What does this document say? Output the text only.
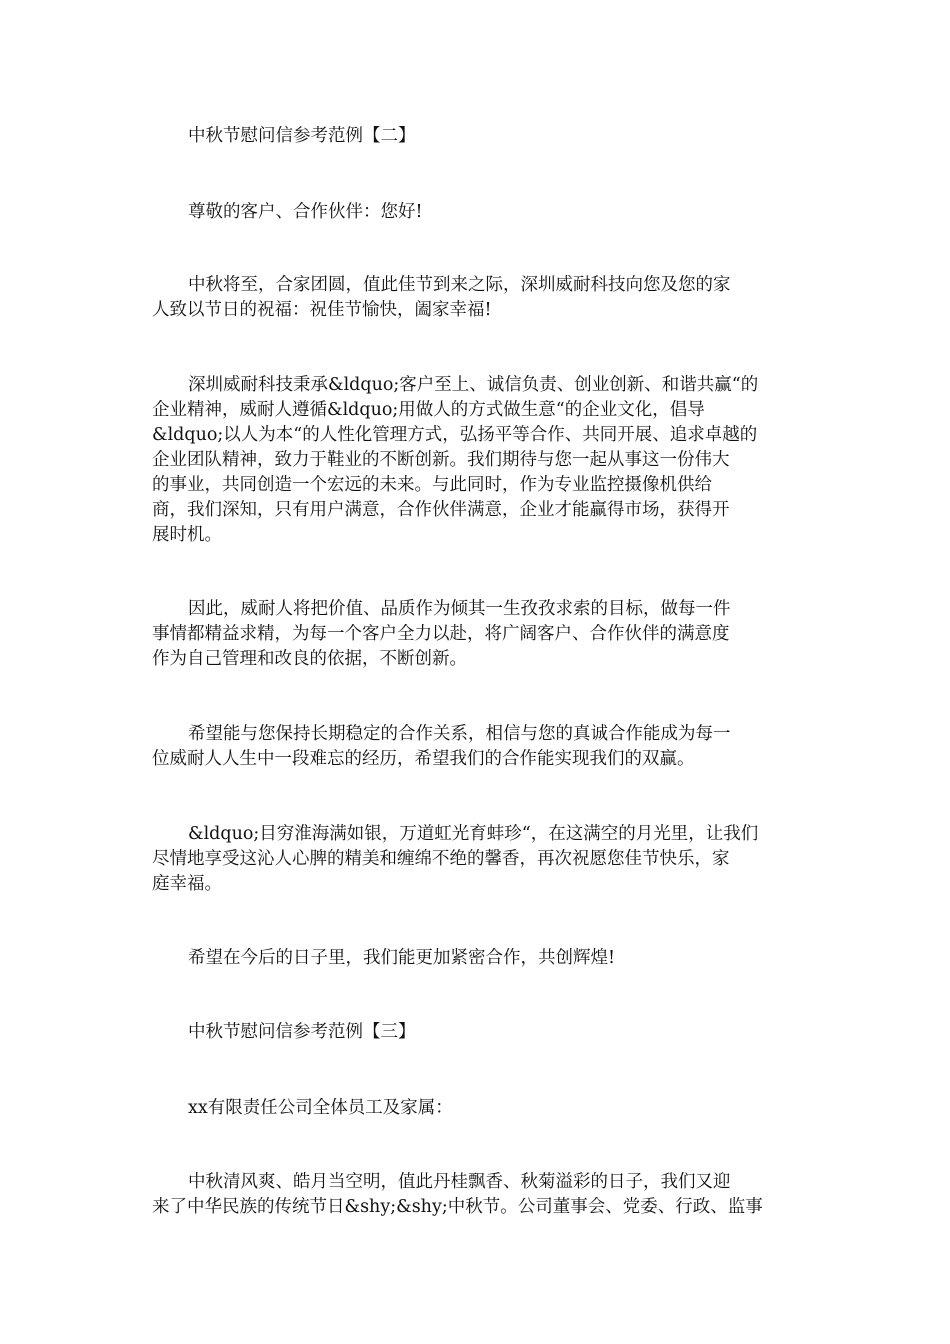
中秋节慰问信参考范例【二】

尊敬的客户、合作伙伴：您好!

中秋将至，合家团圆，值此佳节到来之际，深圳威耐科技向您及您的家
人致以节日的祝福：祝佳节愉快，阖家幸福!

深圳威耐科技秉承&ldquo;客户至上、诚信负责、创业创新、和谐共赢“的
企业精神，威耐人遵循&ldquo;用做人的方式做生意“的企业文化，倡导
&ldquo;以人为本“的人性化管理方式，弘扬平等合作、共同开展、追求卓越的
企业团队精神，致力于鞋业的不断创新。我们期待与您一起从事这一份伟大
的事业，共同创造一个宏远的未来。与此同时，作为专业监控摄像机供给
商，我们深知，只有用户满意，合作伙伴满意，企业才能赢得市场，获得开
展时机。

因此，威耐人将把价值、品质作为倾其一生孜孜求索的目标，做每一件
事情都精益求精，为每一个客户全力以赴，将广阔客户、合作伙伴的满意度
作为自己管理和改良的依据，不断创新。

希望能与您保持长期稳定的合作关系，相信与您的真诚合作能成为每一
位威耐人人生中一段难忘的经历，希望我们的合作能实现我们的双赢。

&ldquo;目穷淮海满如银，万道虹光育蚌珍“，在这满空的月光里，让我们
尽情地享受这沁人心脾的精美和缠绵不绝的馨香，再次祝愿您佳节快乐，家
庭幸福。

希望在今后的日子里，我们能更加紧密合作，共创辉煌!

中秋节慰问信参考范例【三】

xx有限责任公司全体员工及家属：

中秋清风爽、皓月当空明，值此丹桂飘香、秋菊溢彩的日子，我们又迎
来了中华民族的传统节日&shy;&shy;中秋节。公司董事会、党委、行政、监事
